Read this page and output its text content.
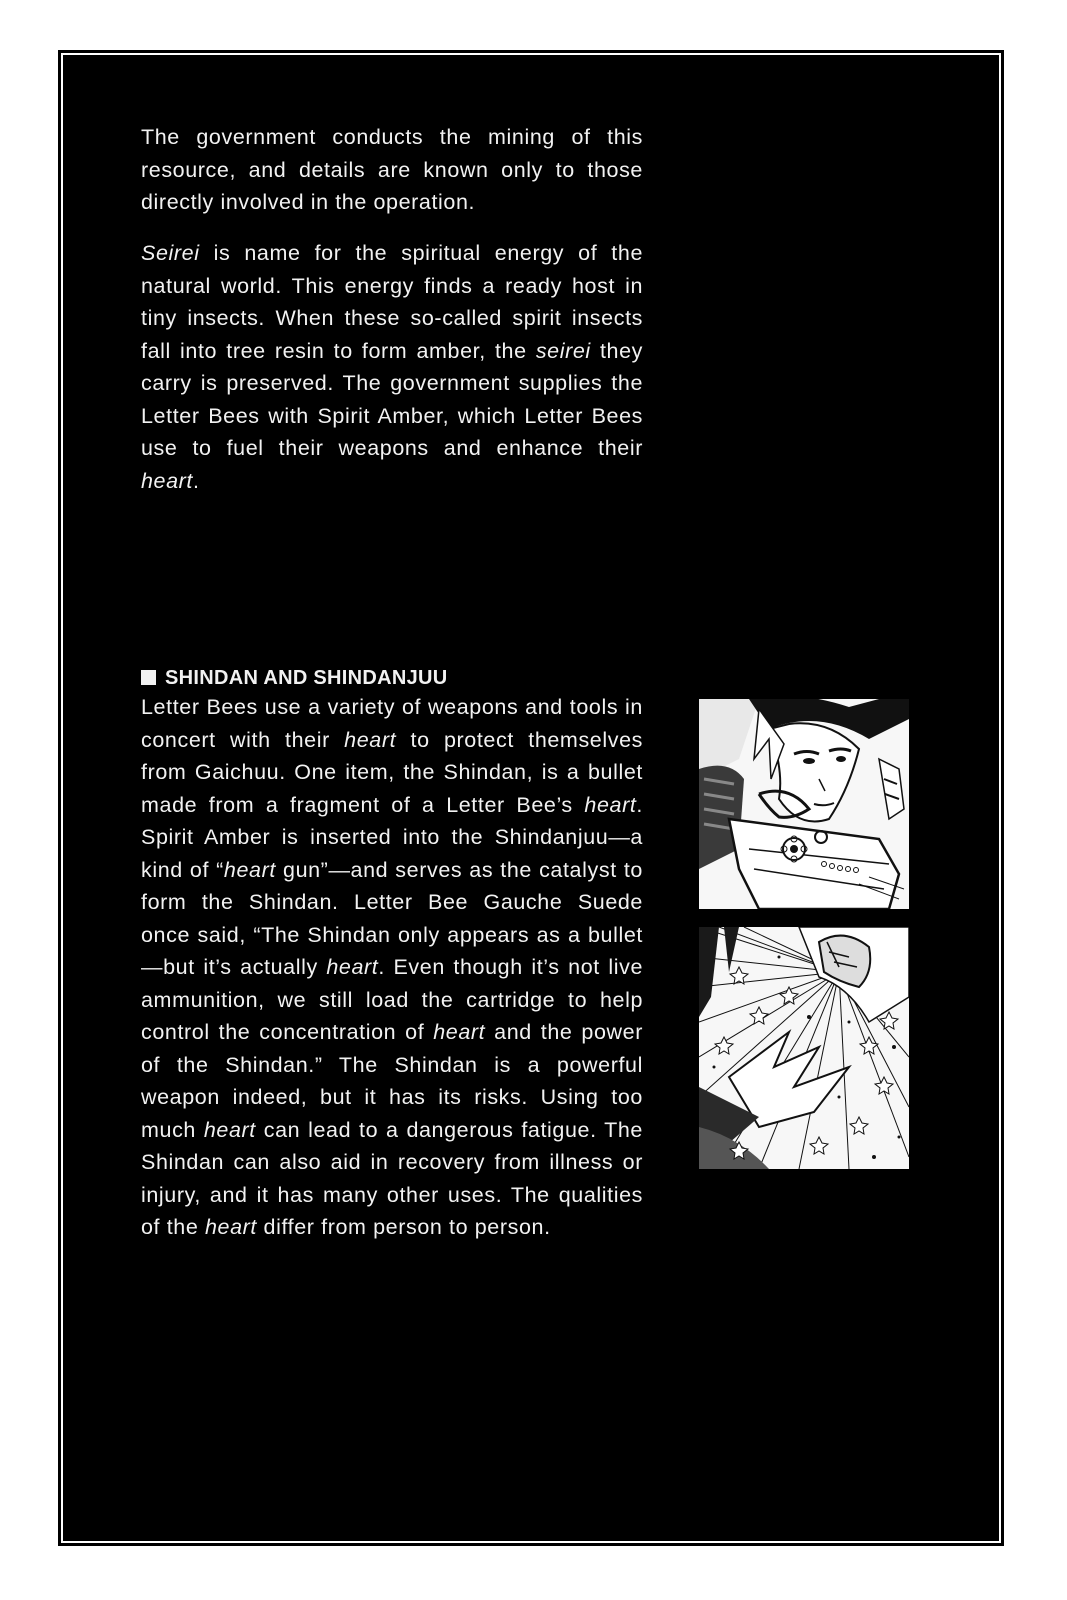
The government conducts the mining of this resource, and details are known only to those directly involved in the operation.

Seirei is name for the spiritual energy of the natural world. This energy finds a ready host in tiny insects. When these so-called spirit insects fall into tree resin to form amber, the seirei they carry is preserved. The government supplies the Letter Bees with Spirit Amber, which Letter Bees use to fuel their weapons and enhance their heart.

SHINDAN AND SHINDANJUU

Letter Bees use a variety of weapons and tools in concert with their heart to protect themselves from Gaichuu. One item, the Shindan, is a bullet made from a fragment of a Letter Bee’s heart. Spirit Amber is inserted into the Shindanjuu—a kind of “heart gun”—and serves as the catalyst to form the Shindan. Letter Bee Gauche Suede once said, “The Shindan only appears as a bullet—but it’s actually heart. Even though it’s not live ammunition, we still load the cartridge to help control the concentration of heart and the power of the Shindan.” The Shindan is a powerful weapon indeed, but it has its risks. Using too much heart can lead to a dangerous fatigue. The Shindan can also aid in recovery from illness or injury, and it has many other uses. The qualities of the heart differ from person to person.
